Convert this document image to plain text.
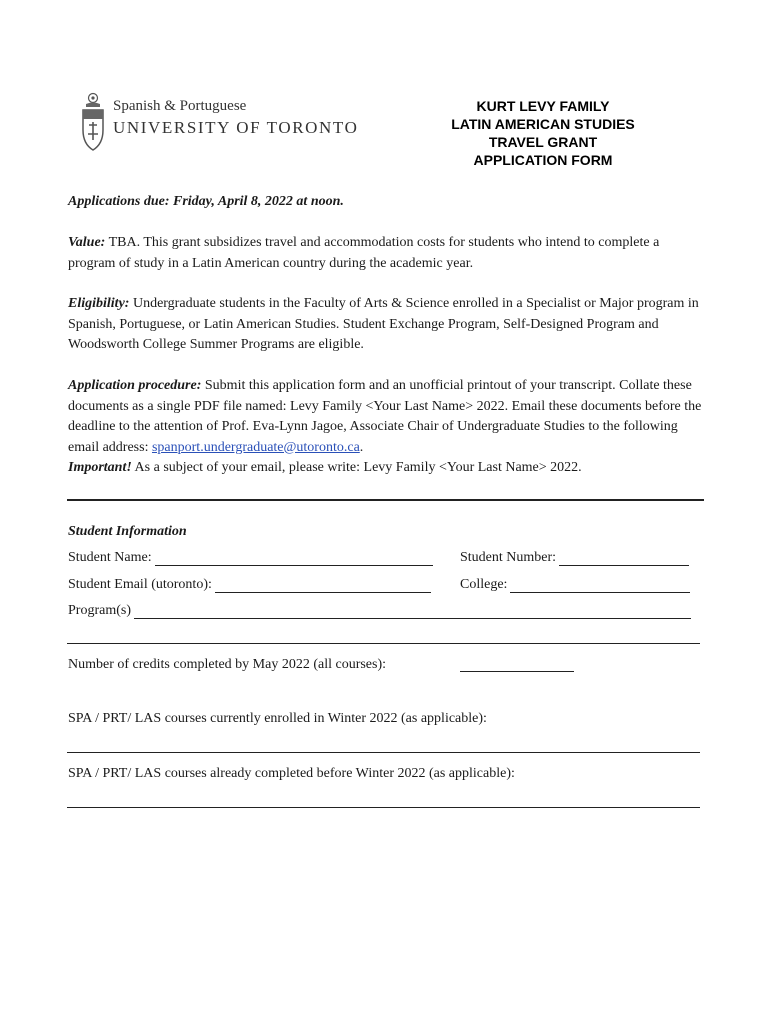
Spanish & Portuguese
UNIVERSITY OF TORONTO
KURT LEVY FAMILY
LATIN AMERICAN STUDIES
TRAVEL GRANT
APPLICATION FORM
Applications due: Friday, April 8, 2022 at noon.
Value: TBA. This grant subsidizes travel and accommodation costs for students who intend to complete a program of study in a Latin American country during the academic year.
Eligibility: Undergraduate students in the Faculty of Arts & Science enrolled in a Specialist or Major program in Spanish, Portuguese, or Latin American Studies. Student Exchange Program, Self-Designed Program and Woodsworth College Summer Programs are eligible.
Application procedure: Submit this application form and an unofficial printout of your transcript. Collate these documents as a single PDF file named: Levy Family <Your Last Name> 2022. Email these documents before the deadline to the attention of Prof. Eva-Lynn Jagoe, Associate Chair of Undergraduate Studies to the following email address: spanport.undergraduate@utoronto.ca.
Important! As a subject of your email, please write: Levy Family <Your Last Name> 2022.
Student Information
Student Name:	Student Number:
Student Email (utoronto):	College:
Program(s)
Number of credits completed by May 2022 (all courses):
SPA / PRT/ LAS courses currently enrolled in Winter 2022 (as applicable):
SPA / PRT/ LAS courses already completed before Winter 2022 (as applicable):
